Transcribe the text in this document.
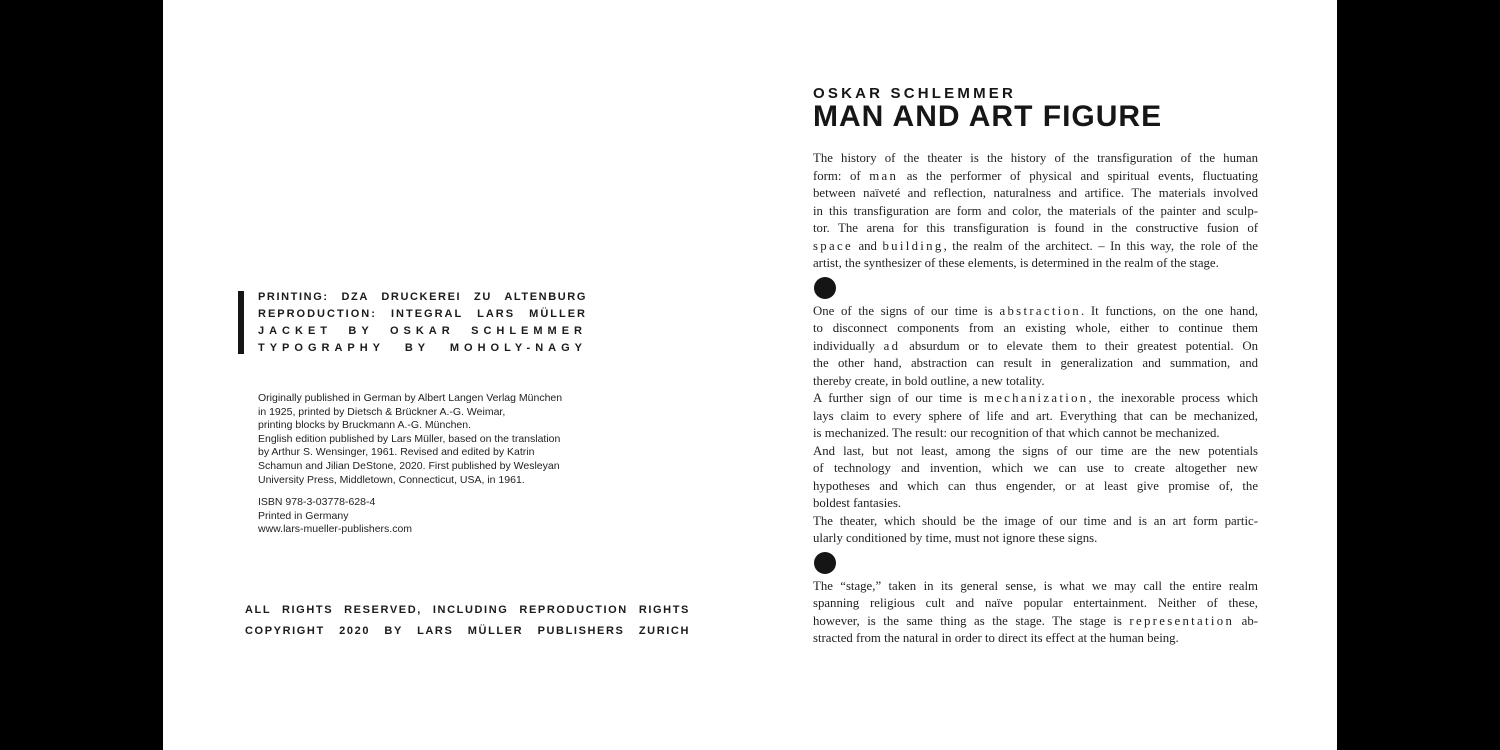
PRINTING: DZA DRUCKEREI ZU ALTENBURG
REPRODUCTION: INTEGRAL LARS MÜLLER
JACKET BY OSKAR SCHLEMMER
TYPOGRAPHY BY MOHOLY-NAGY
Originally published in German by Albert Langen Verlag München
in 1925, printed by Dietsch & Brückner A.-G. Weimar,
printing blocks by Bruckmann A.-G. München.
English edition published by Lars Müller, based on the translation
by Arthur S. Wensinger, 1961. Revised and edited by Katrin
Schamun and Jilian DeStone, 2020. First published by Wesleyan
University Press, Middletown, Connecticut, USA, in 1961.
ISBN 978-3-03778-628-4
Printed in Germany
www.lars-mueller-publishers.com
ALL RIGHTS RESERVED, INCLUDING REPRODUCTION RIGHTS
COPYRIGHT 2020 BY LARS MÜLLER PUBLISHERS ZURICH
OSKAR SCHLEMMER
MAN AND ART FIGURE
The history of the theater is the history of the transfiguration of the human
form: of man as the performer of physical and spiritual events, fluctuating
between naïveté and reflection, naturalness and artifice. The materials involved
in this transfiguration are form and color, the materials of the painter and sculp-
tor. The arena for this transfiguration is found in the constructive fusion of
space and building, the realm of the architect. – In this way, the role of the
artist, the synthesizer of these elements, is determined in the realm of the stage.
One of the signs of our time is abstraction. It functions, on the one hand,
to disconnect components from an existing whole, either to continue them
individually ad absurdum or to elevate them to their greatest potential. On
the other hand, abstraction can result in generalization and summation, and
thereby create, in bold outline, a new totality.
A further sign of our time is mechanization, the inexorable process which
lays claim to every sphere of life and art. Everything that can be mechanized,
is mechanized. The result: our recognition of that which cannot be mechanized.
And last, but not least, among the signs of our time are the new potentials
of technology and invention, which we can use to create altogether new
hypotheses and which can thus engender, or at least give promise of, the
boldest fantasies.
The theater, which should be the image of our time and is an art form partic-
ularly conditioned by time, must not ignore these signs.
The “stage,” taken in its general sense, is what we may call the entire realm
spanning religious cult and naïve popular entertainment. Neither of these,
however, is the same thing as the stage. The stage is representation ab-
stracted from the natural in order to direct its effect at the human being.
